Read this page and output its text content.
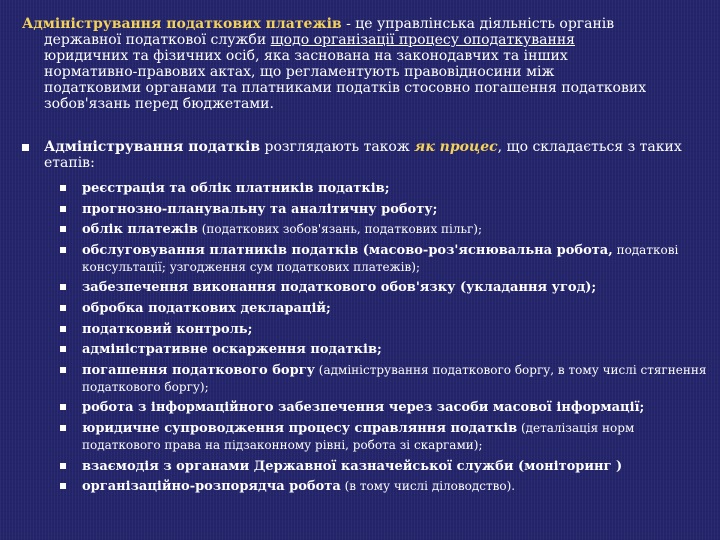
Адміністрування податкових платежів - це управлінська діяльність органів
державної податкової служби щодо організації процесу оподаткування
юридичних та фізичних осіб, яка заснована на законодавчих та інших
нормативно-правових актах, що регламентують правовідносини між
податковими органами та платниками податків стосовно погашення податкових
зобов'язань перед бюджетами.
Адміністрування податків розглядають також як процес, що складається з таких
етапів:
реєстрація та облік платників податків;
прогнозно-планувальну та аналітичну роботу;
облік платежів (податкових зобов'язань, податкових пільг);
обслуговування платників податків (масово-роз'яснювальна робота, податкові консультації; узгодження сум податкових платежів);
забезпечення виконання податкового обов'язку (укладання угод);
обробка податкових декларацій;
податковий контроль;
адміністративне оскарження податків;
погашення податкового боргу (адміністрування податкового боргу, в тому числі стягнення податкового боргу);
робота з інформаційного забезпечення через засоби масової інформації;
юридичне супроводження процесу справляння податків (деталізація норм податкового права на підзаконному рівні, робота зі скаргами);
взаємодія з органами Державної казначейської служби (моніторинг )
організаційно-розпорядча робота (в тому числі діловодство).
